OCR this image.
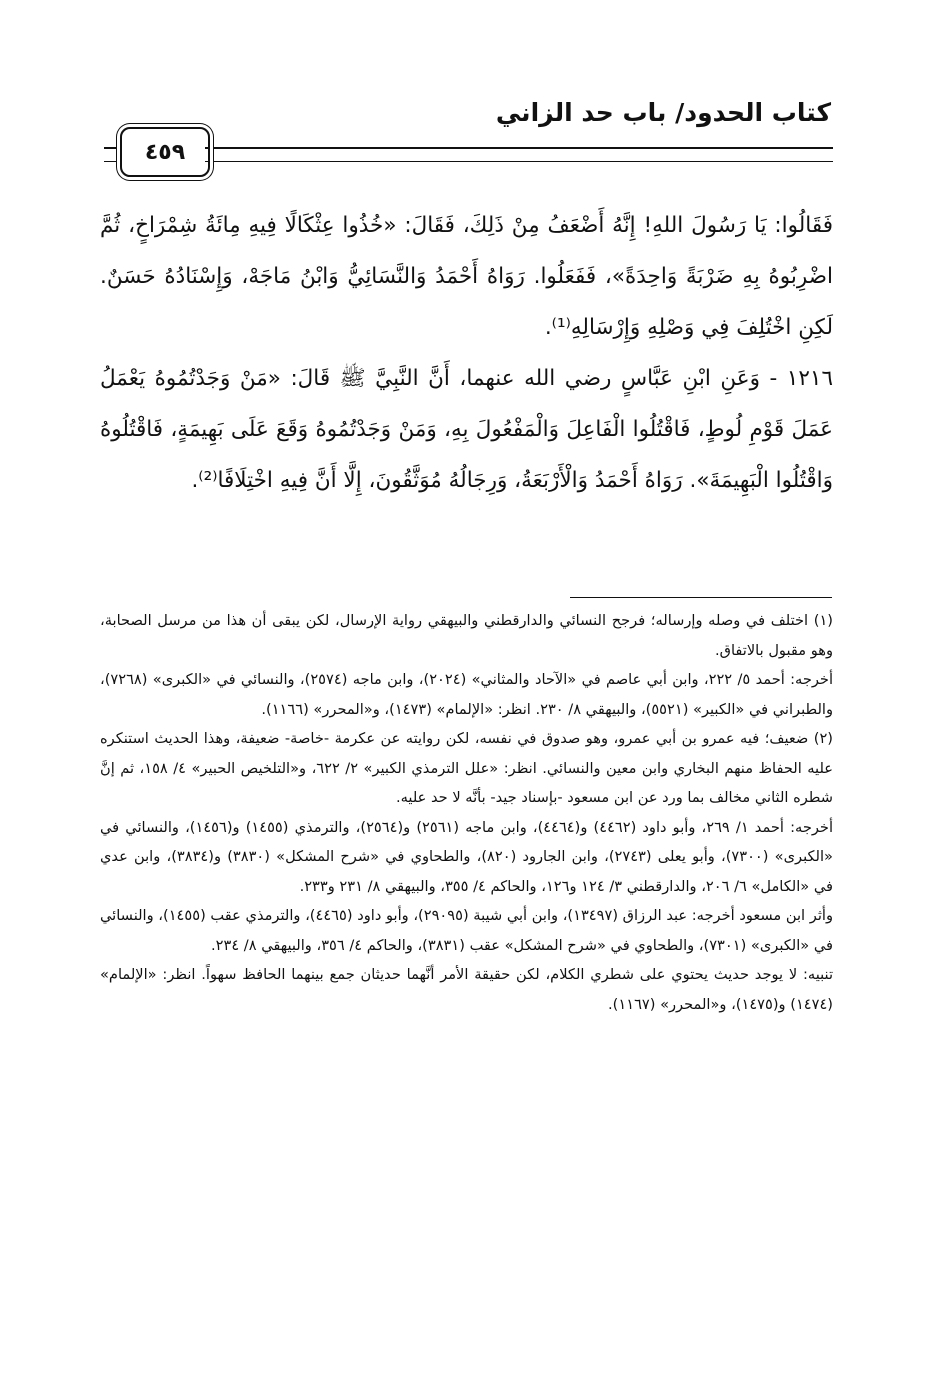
كتاب الحدود/ باب حد الزاني
٤٥٩

فَقَالُوا: يَا رَسُولَ اللهِ! إِنَّهُ أَضْعَفُ مِنْ ذَلِكَ، فَقَالَ: «خُذُوا عِثْكَالًا فِيهِ مِائَةُ شِمْرَاخٍ، ثُمَّ اضْرِبُوهُ بِهِ ضَرْبَةً وَاحِدَةً»، فَفَعَلُوا. رَوَاهُ أَحْمَدُ وَالنَّسَائِيُّ وَابْنُ مَاجَهْ، وَإِسْنَادُهُ حَسَنٌ. لَكِنِ اخْتُلِفَ فِي وَصْلِهِ وَإِرْسَالِهِ⁽¹⁾.

١٢١٦ - وَعَنِ ابْنِ عَبَّاسٍ رضي الله عنهما، أَنَّ النَّبِيَّ ﷺ قَالَ: «مَنْ وَجَدْتُمُوهُ يَعْمَلُ عَمَلَ قَوْمِ لُوطٍ، فَاقْتُلُوا الْفَاعِلَ وَالْمَفْعُولَ بِهِ، وَمَنْ وَجَدْتُمُوهُ وَقَعَ عَلَى بَهِيمَةٍ، فَاقْتُلُوهُ وَاقْتُلُوا الْبَهِيمَةَ». رَوَاهُ أَحْمَدُ وَالْأَرْبَعَةُ، وَرِجَالُهُ مُوَثَّقُونَ، إِلَّا أَنَّ فِيهِ اخْتِلَافًا⁽²⁾.

(١) اختلف في وصله وإرساله؛ فرجح النسائي والدارقطني والبيهقي رواية الإرسال، لكن يبقى أن هذا من مرسل الصحابة، وهو مقبول بالاتفاق.

أخرجه: أحمد ٥/ ٢٢٢، وابن أبي عاصم في «الآحاد والمثاني» (٢٠٢٤)، وابن ماجه (٢٥٧٤)، والنسائي في «الكبرى» (٧٢٦٨)، والطبراني في «الكبير» (٥٥٢١)، والبيهقي ٨/ ٢٣٠. انظر: «الإلمام» (١٤٧٣)، و«المحرر» (١١٦٦).

(٢) ضعيف؛ فيه عمرو بن أبي عمرو، وهو صدوق في نفسه، لكن روايته عن عكرمة -خاصة- ضعيفة، وهذا الحديث استنكره عليه الحفاظ منهم البخاري وابن معين والنسائي. انظر: «علل الترمذي الكبير» ٢/ ٦٢٢، و«التلخيص الحبير» ٤/ ١٥٨، ثم إنَّ شطره الثاني مخالف بما ورد عن ابن مسعود -بإسناد جيد- بأنَّه لا حد عليه.

أخرجه: أحمد ١/ ٢٦٩، وأبو داود (٤٤٦٢) و(٤٤٦٤)، وابن ماجه (٢٥٦١) و(٢٥٦٤)، والترمذي (١٤٥٥) و(١٤٥٦)، والنسائي في «الكبرى» (٧٣٠٠)، وأبو يعلى (٢٧٤٣)، وابن الجارود (٨٢٠)، والطحاوي في «شرح المشكل» (٣٨٣٠) و(٣٨٣٤)، وابن عدي في «الكامل» ٦/ ٢٠٦، والدارقطني ٣/ ١٢٤ و١٢٦، والحاكم ٤/ ٣٥٥، والبيهقي ٨/ ٢٣١ و٢٣٣.

وأثر ابن مسعود أخرجه: عبد الرزاق (١٣٤٩٧)، وابن أبي شيبة (٢٩٠٩٥)، وأبو داود (٤٤٦٥)، والترمذي عقب (١٤٥٥)، والنسائي في «الكبرى» (٧٣٠١)، والطحاوي في «شرح المشكل» عقب (٣٨٣١)، والحاكم ٤/ ٣٥٦، والبيهقي ٨/ ٢٣٤.

تنبيه: لا يوجد حديث يحتوي على شطري الكلام، لكن حقيقة الأمر أنَّهما حديثان جمع بينهما الحافظ سهواً. انظر: «الإلمام» (١٤٧٤) و(١٤٧٥)، و«المحرر» (١١٦٧).
